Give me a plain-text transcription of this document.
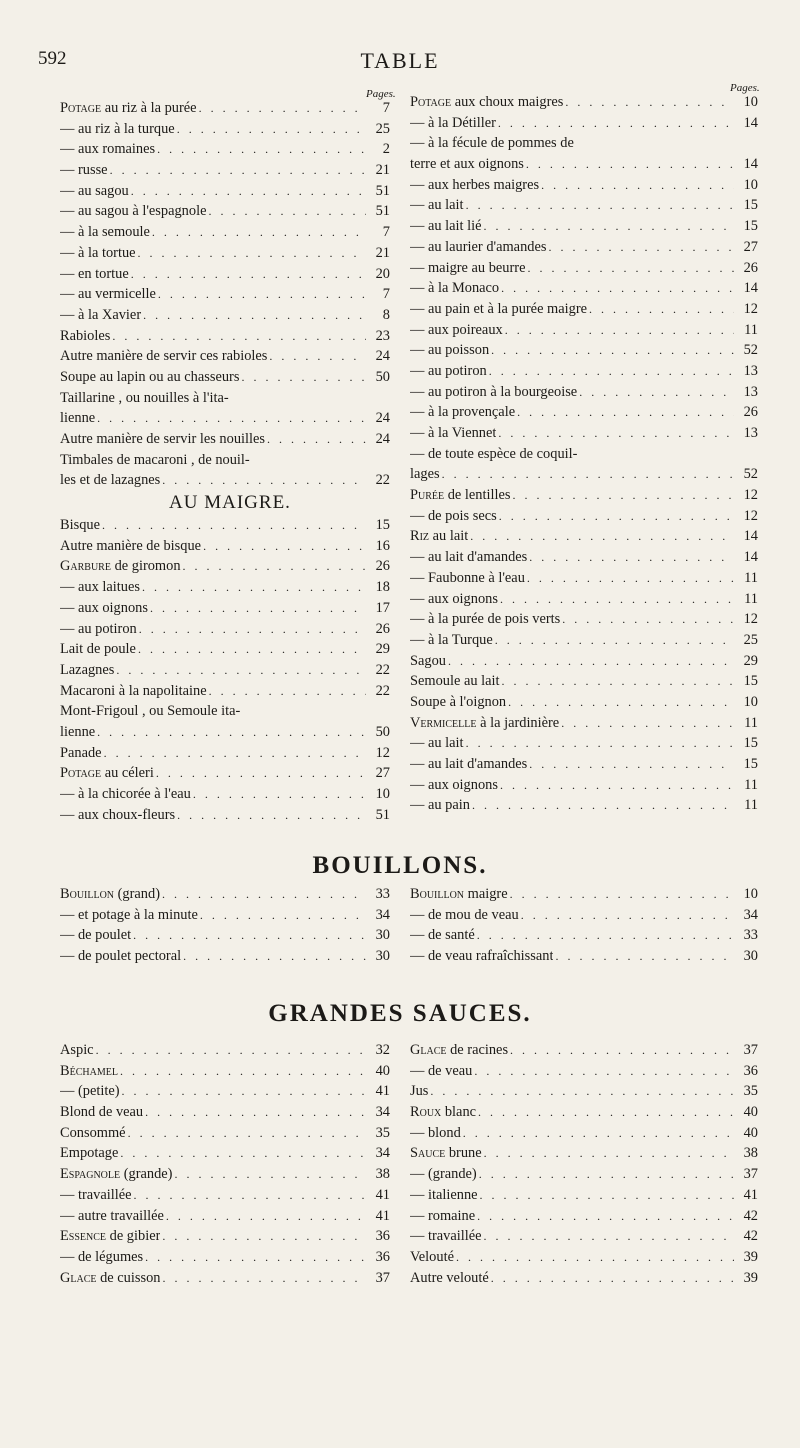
592	TABLE
Pages.	Pages.
Potage au riz à la purée . . .	7
— au riz à la turque . . .	25
— aux romaines . . .	2
— russe . . .	21
— au sagou . . .	51
— au sagou à l'espagnole . . .	51
— à la semoule . . .	7
— à la tortue . . .	21
— en tortue . . .	20
— au vermicelle . . .	7
— à la Xavier . . .	8
Rabioles . . .	23
Autre manière de servir ces rabioles . . .	24
Soupe au lapin ou au chasseurs . . .	50
Taillarine , ou nouilles à l'ita-
lienne . . .	24
Autre manière de servir les nouilles . . .	24
Timbales de macaroni , de nouil-
les et de lazagnes . . .	22
AU MAIGRE.
Bisque . . .	15
Autre manière de bisque . . .	16
Garbure de giromon . . .	26
— aux laitues . . .	18
— aux oignons . . .	17
— au potiron . . .	26
Lait de poule . . .	29
Lazagnes . . .	22
Macaroni à la napolitaine . . .	22
Mont-Frigoul , ou Semoule ita-
lienne . . .	50
Panade . . .	12
Potage au céleri . . .	27
— à la chicorée à l'eau . . .	10
— aux choux-fleurs . . .	51
Potage aux choux maigres . . .	10
— à la Détiller . . .	14
— à la fécule de pommes de
terre et aux oignons . . .	14
— aux herbes maigres . . .	10
— au lait . . .	15
— au lait lié . . .	15
— au laurier d'amandes . . .	27
— maigre au beurre . . .	26
— à la Monaco . . .	14
— au pain et à la purée maigre . . .	12
— aux poireaux . . .	11
— au poisson . . .	52
— au potiron . . .	13
— au potiron à la bourgeoise . . .	13
— à la provençale . . .	26
— à la Viennet . . .	13
— de toute espèce de coquil-
lages . . .	52
Purée de lentilles . . .	12
— de pois secs . . .	12
Riz au lait . . .	14
— au lait d'amandes . . .	14
— Faubonne à l'eau . . .	11
— aux oignons . . .	11
— à la purée de pois verts . . .	12
— à la Turque . . .	25
Sagou . . .	29
Semoule au lait . . .	15
Soupe à l'oignon . . .	10
Vermicelle à la jardinière . . .	11
— au lait . . .	15
— au lait d'amandes . . .	15
— aux oignons . . .	11
— au pain . . .	11
BOUILLONS.
Bouillon (grand) . . .	33
— et potage à la minute . . .	34
— de poulet . . .	30
— de poulet pectoral . . .	30
Bouillon maigre . . .	10
— de mou de veau . . .	34
— de santé . . .	33
— de veau rafraîchissant . . .	30
GRANDES SAUCES.
Aspic . . .	32
Béchamel . . .	40
— (petite) . . .	41
Blond de veau . . .	34
Consommé . . .	35
Empotage . . .	34
Espagnole (grande) . . .	38
— travaillée . . .	41
— autre travaillée . . .	41
Essence de gibier . . .	36
— de légumes . . .	36
Glace de cuisson . . .	37
Glace de racines . . .	37
— de veau . . .	36
Jus . . .	35
Roux blanc . . .	40
— blond . . .	40
Sauce brune . . .	38
— (grande) . . .	37
— italienne . . .	41
— romaine . . .	42
— travaillée . . .	42
Velouté . . .	39
Autre velouté . . .	39
